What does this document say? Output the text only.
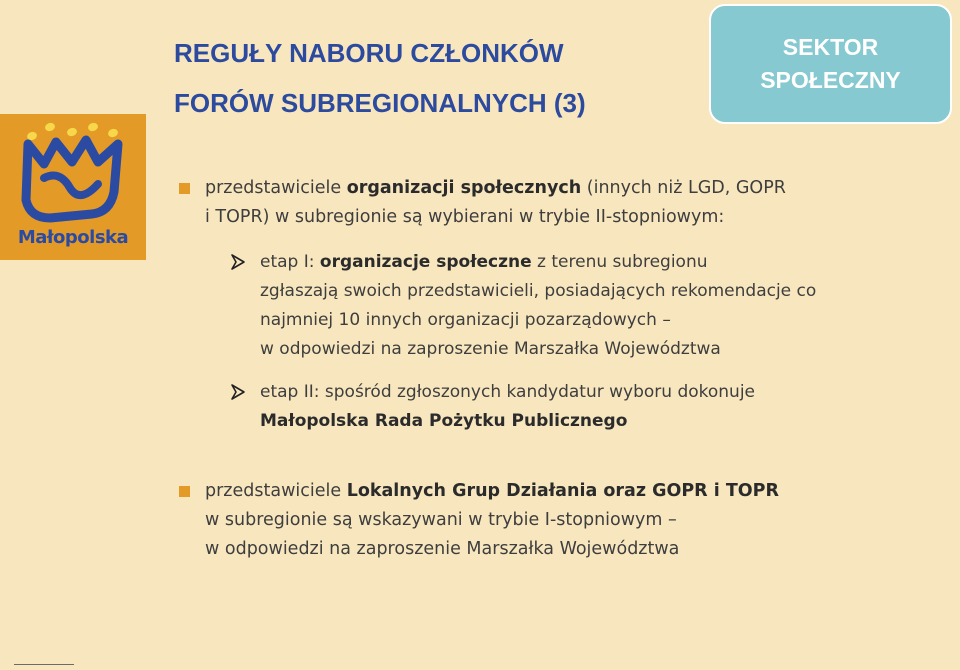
REGUŁY NABORU CZŁONKÓW
FORÓW SUBREGIONALNYCH (3)
SEKTOR
SPOŁECZNY
Małopolska
przedstawiciele organizacji społecznych (innych niż LGD, GOPR
i TOPR) w subregionie są wybierani w trybie II-stopniowym:
etap I: organizacje społeczne z terenu subregionu
zgłaszają swoich przedstawicieli, posiadających rekomendacje co
najmniej 10 innych organizacji pozarządowych –
w odpowiedzi na zaproszenie Marszałka Województwa
etap II: spośród zgłoszonych kandydatur wyboru dokonuje
Małopolska Rada Pożytku Publicznego
przedstawiciele Lokalnych Grup Działania oraz GOPR i TOPR
w subregionie są wskazywani w trybie I-stopniowym –
w odpowiedzi na zaproszenie Marszałka Województwa
